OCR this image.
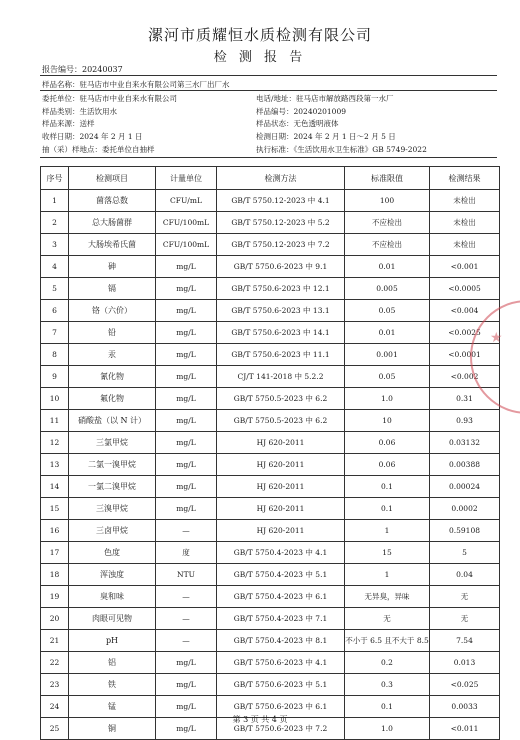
漯河市质耀恒水质检测有限公司
检 测 报 告
报告编号：20240037
样品名称：驻马店市中业自来水有限公司第三水厂出厂水
委托单位：驻马店市中业自来水有限公司	电话/地址：驻马店市解放路西段第一水厂
样品类别：生活饮用水	样品编号：20240201009
样品来源：送样	样品状态：无色透明液体
收样日期：2024 年 2 月 1 日	检测日期：2024 年 2 月 1 日～2 月 5 日
抽（采）样地点：委托单位自抽样	执行标准：《生活饮用水卫生标准》GB 5749-2022
序号	检测项目	计量单位	检测方法	标准限值	检测结果
1	菌落总数	CFU/mL	GB/T 5750.12-2023 中 4.1	100	未检出
2	总大肠菌群	CFU/100mL	GB/T 5750.12-2023 中 5.2	不应检出	未检出
3	大肠埃希氏菌	CFU/100mL	GB/T 5750.12-2023 中 7.2	不应检出	未检出
4	砷	mg/L	GB/T 5750.6-2023 中 9.1	0.01	<0.001
5	镉	mg/L	GB/T 5750.6-2023 中 12.1	0.005	<0.0005
6	铬（六价）	mg/L	GB/T 5750.6-2023 中 13.1	0.05	<0.004
7	铅	mg/L	GB/T 5750.6-2023 中 14.1	0.01	<0.0025
8	汞	mg/L	GB/T 5750.6-2023 中 11.1	0.001	<0.0001
9	氰化物	mg/L	CJ/T 141-2018 中 5.2.2	0.05	<0.002
10	氟化物	mg/L	GB/T 5750.5-2023 中 6.2	1.0	0.31
11	硝酸盐（以 N 计）	mg/L	GB/T 5750.5-2023 中 6.2	10	0.93
12	三氯甲烷	mg/L	HJ 620-2011	0.06	0.03132
13	二氯一溴甲烷	mg/L	HJ 620-2011	0.06	0.00388
14	一氯二溴甲烷	mg/L	HJ 620-2011	0.1	0.00024
15	三溴甲烷	mg/L	HJ 620-2011	0.1	0.0002
16	三卤甲烷	—	HJ 620-2011	1	0.59108
17	色度	度	GB/T 5750.4-2023 中 4.1	15	5
18	浑浊度	NTU	GB/T 5750.4-2023 中 5.1	1	0.04
19	臭和味	—	GB/T 5750.4-2023 中 6.1	无异臭，异味	无
20	肉眼可见物	—	GB/T 5750.4-2023 中 7.1	无	无
21	pH	—	GB/T 5750.4-2023 中 8.1	不小于 6.5 且不大于 8.5	7.54
22	铝	mg/L	GB/T 5750.6-2023 中 4.1	0.2	0.013
23	铁	mg/L	GB/T 5750.6-2023 中 5.1	0.3	<0.025
24	锰	mg/L	GB/T 5750.6-2023 中 6.1	0.1	0.0033
25	铜	mg/L	GB/T 5750.6-2023 中 7.2	1.0	<0.011
★
第 3 页 共 4 页
